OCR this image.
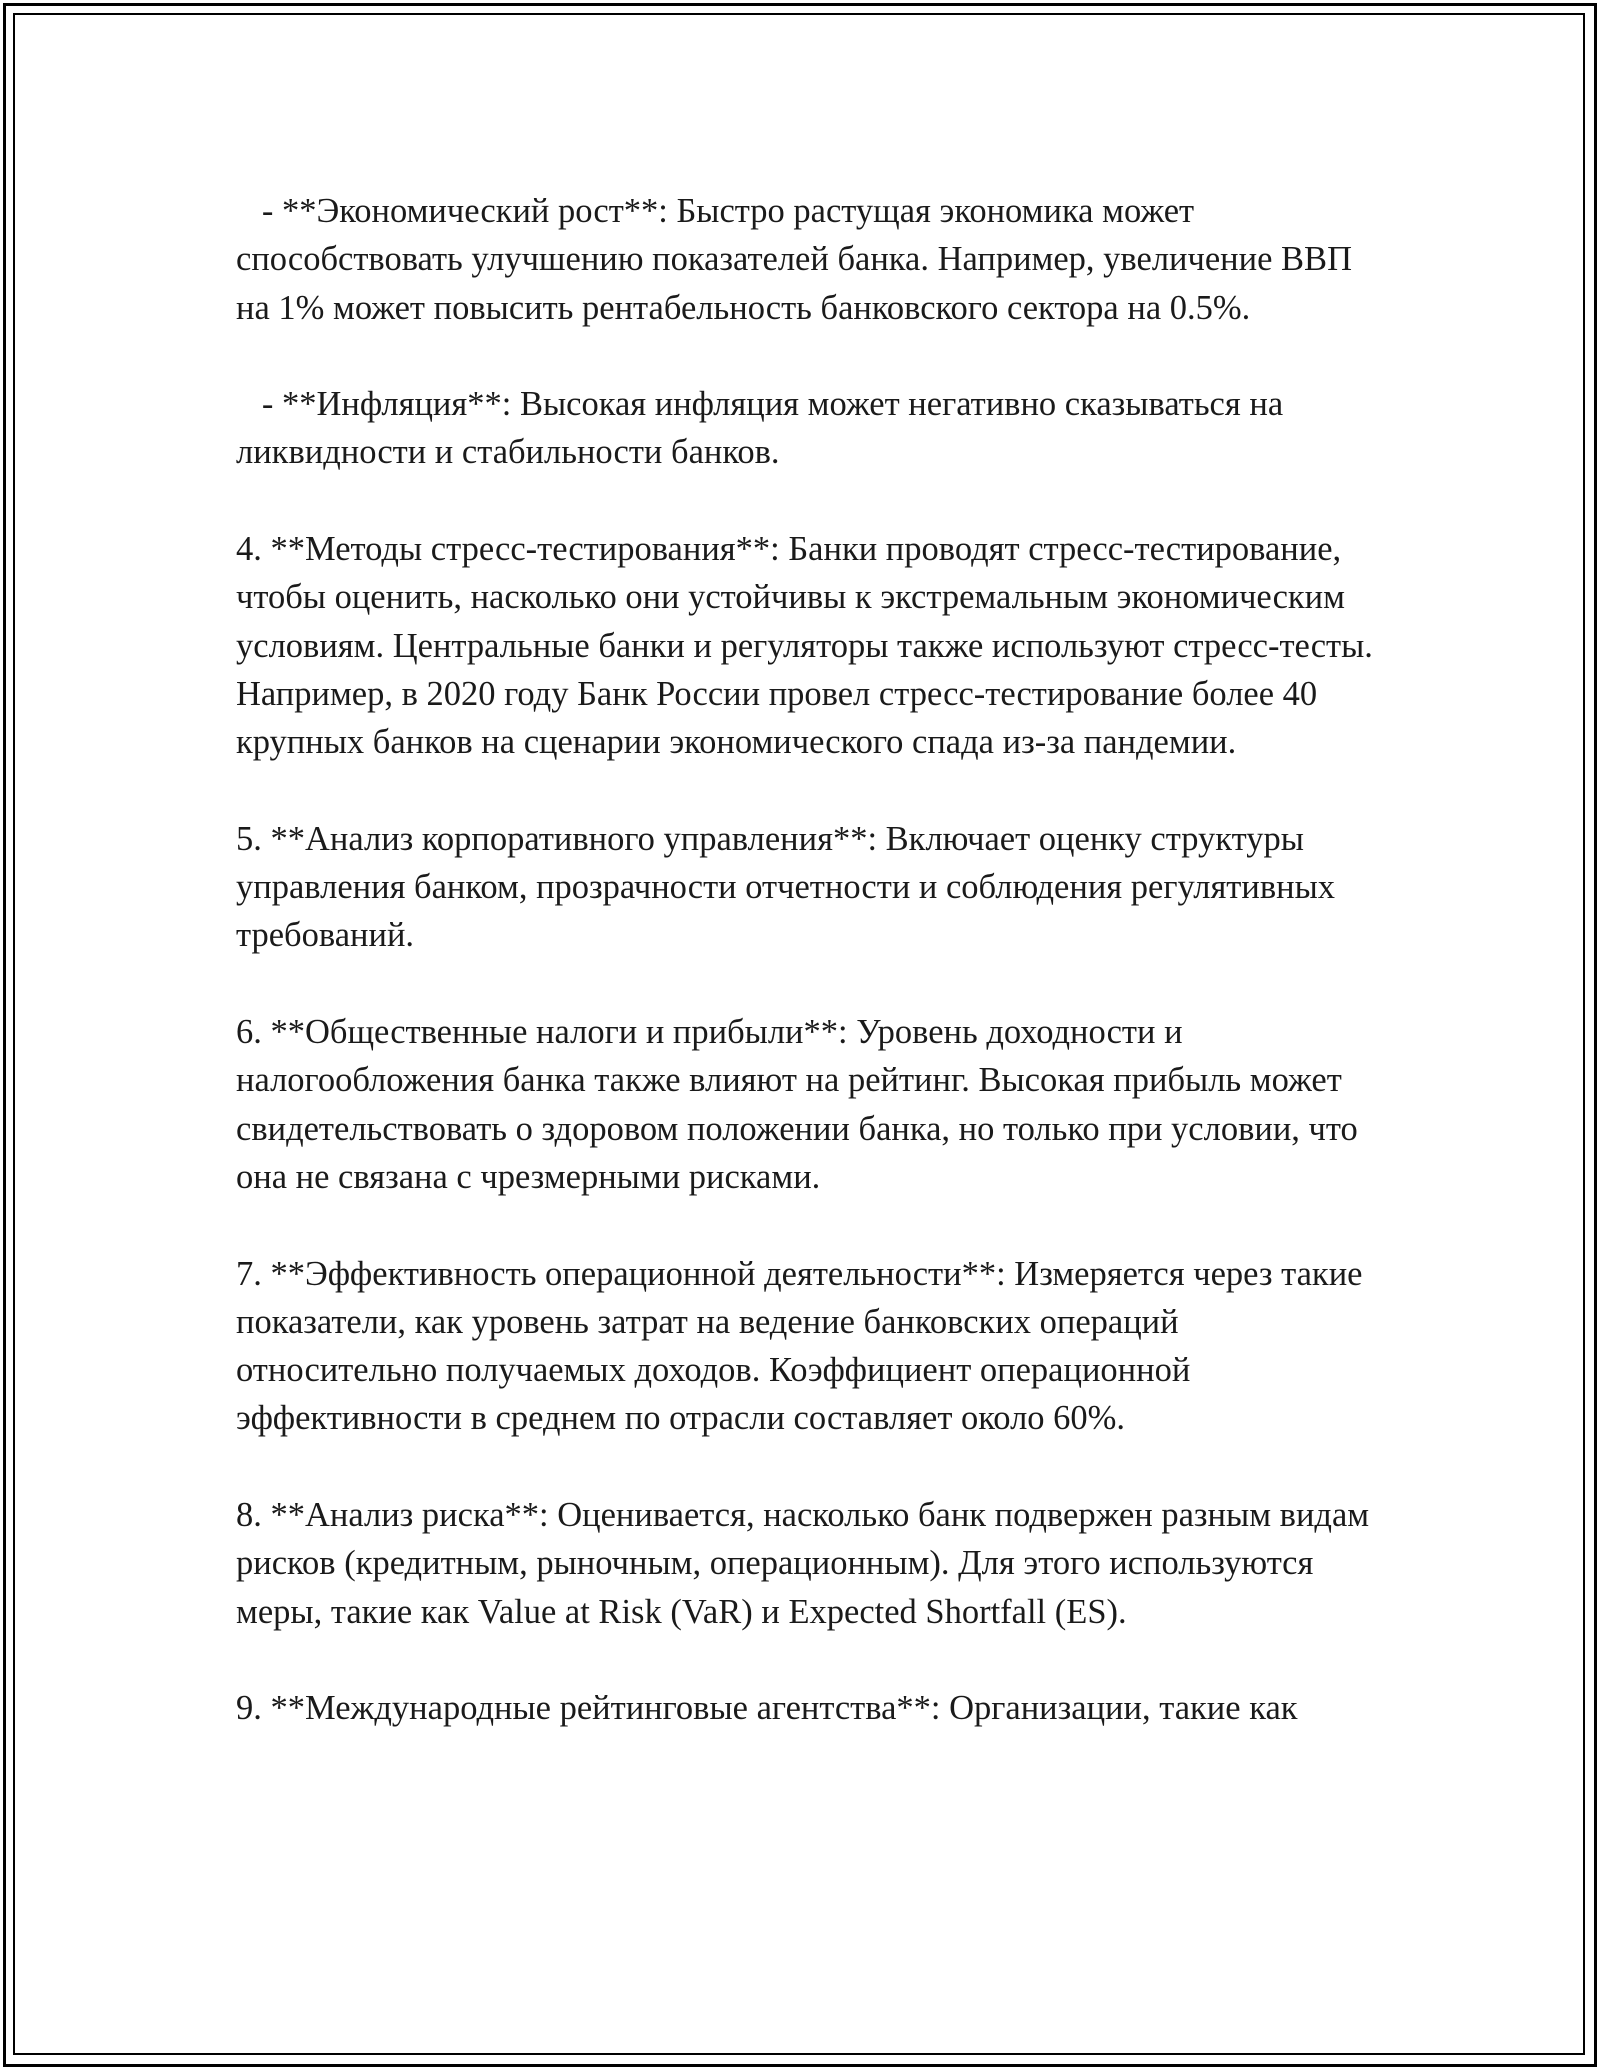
- **Экономический рост**: Быстро растущая экономика может способствовать улучшению показателей банка. Например, увеличение ВВП на 1% может повысить рентабельность банковского сектора на 0.5%.

- **Инфляция**: Высокая инфляция может негативно сказываться на ликвидности и стабильности банков.

4. **Методы стресс-тестирования**: Банки проводят стресс-тестирование, чтобы оценить, насколько они устойчивы к экстремальным экономическим условиям. Центральные банки и регуляторы также используют стресс-тесты. Например, в 2020 году Банк России провел стресс-тестирование более 40 крупных банков на сценарии экономического спада из-за пандемии.

5. **Анализ корпоративного управления**: Включает оценку структуры управления банком, прозрачности отчетности и соблюдения регулятивных требований.

6. **Общественные налоги и прибыли**: Уровень доходности и налогообложения банка также влияют на рейтинг. Высокая прибыль может свидетельствовать о здоровом положении банка, но только при условии, что она не связана с чрезмерными рисками.

7. **Эффективность операционной деятельности**: Измеряется через такие показатели, как уровень затрат на ведение банковских операций относительно получаемых доходов. Коэффициент операционной эффективности в среднем по отрасли составляет около 60%.

8. **Анализ риска**: Оценивается, насколько банк подвержен разным видам рисков (кредитным, рыночным, операционным). Для этого используются меры, такие как Value at Risk (VaR) и Expected Shortfall (ES).

9. **Международные рейтинговые агентства**: Организации, такие как
